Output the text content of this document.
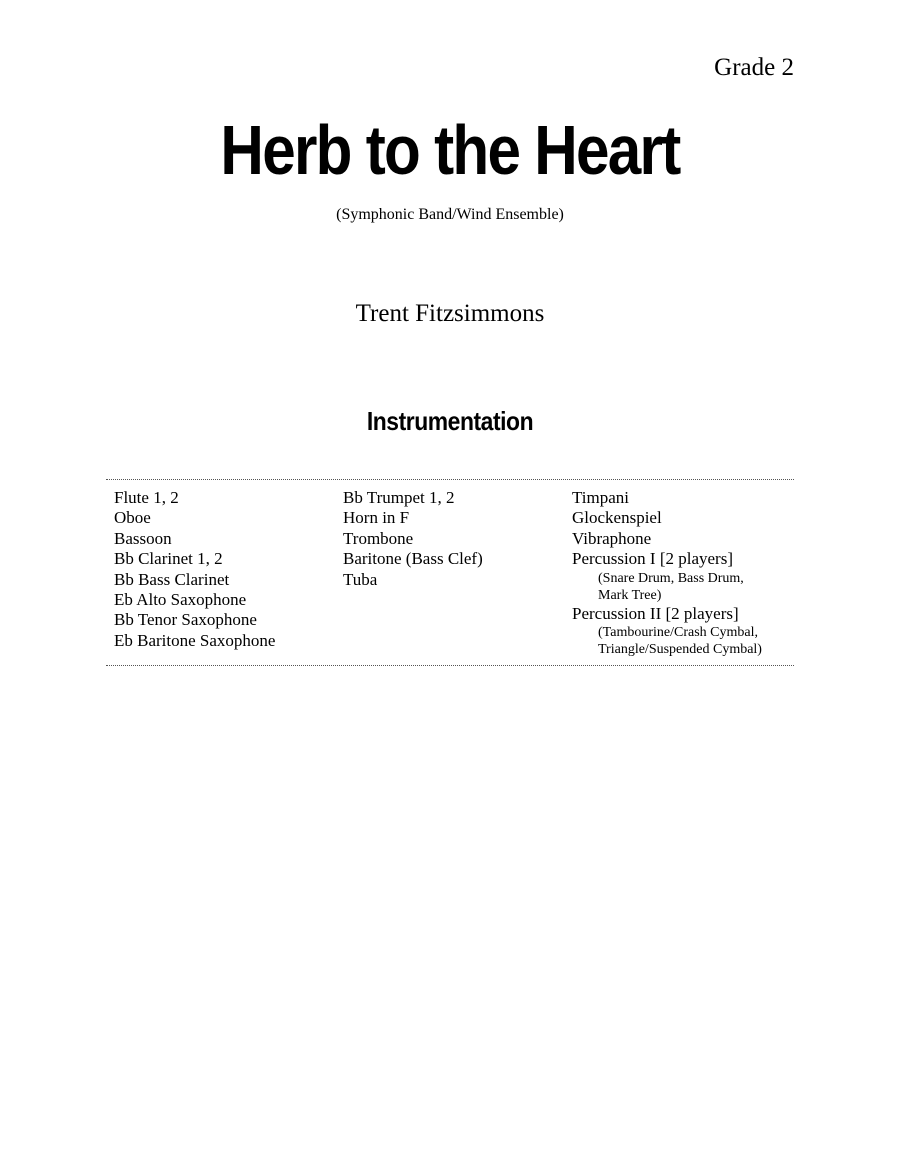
Grade 2
Herb to the Heart
(Symphonic Band/Wind Ensemble)
Trent Fitzsimmons
Instrumentation
Flute 1, 2
Oboe
Bassoon
Bb Clarinet 1, 2
Bb Bass Clarinet
Eb Alto Saxophone
Bb Tenor Saxophone
Eb Baritone Saxophone
Bb Trumpet 1, 2
Horn in F
Trombone
Baritone (Bass Clef)
Tuba
Timpani
Glockenspiel
Vibraphone
Percussion I [2 players]
(Snare Drum, Bass Drum,
Mark Tree)
Percussion II [2 players]
(Tambourine/Crash Cymbal,
Triangle/Suspended Cymbal)
